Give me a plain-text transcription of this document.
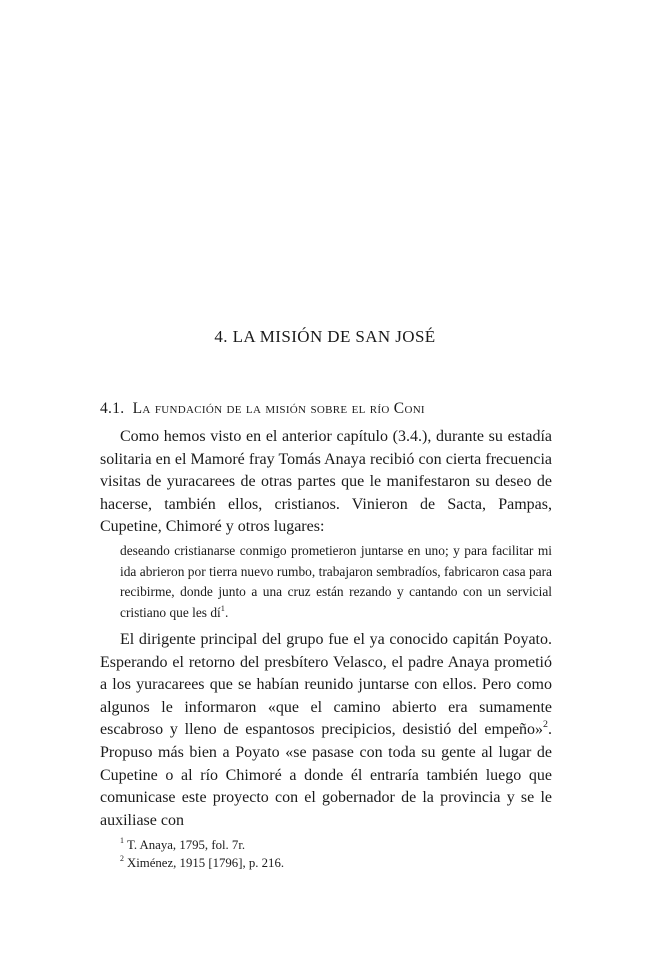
4. LA MISIÓN DE SAN JOSÉ
4.1. La fundación de la misión sobre el río Coni

Como hemos visto en el anterior capítulo (3.4.), durante su estadía solitaria en el Mamoré fray Tomás Anaya recibió con cierta frecuencia visitas de yuracarees de otras partes que le manifestaron su deseo de hacerse, también ellos, cristianos. Vinieron de Sacta, Pampas, Cupetine, Chimoré y otros lugares:

deseando cristianarse conmigo prometieron juntarse en uno; y para facilitar mi ida abrieron por tierra nuevo rumbo, trabajaron sembradíos, fabricaron casa para recibirme, donde junto a una cruz están rezando y cantando con un servicial cristiano que les $dí^1$.

El dirigente principal del grupo fue el ya conocido capitán Poyato. Esperando el retorno del presbítero Velasco, el padre Anaya prometió a los yuracarees que se habían reunido juntarse con ellos. Pero como algunos le informaron «que el camino abierto era sumamente escabroso y lleno de espantosos precipicios, desistió del empeño»$^2$. Propuso más bien a Poyato «se pasase con toda su gente al lugar de Cupetine o al río Chimoré a donde él entraría también luego que comunicase este proyecto con el gobernador de la provincia y se le auxiliase con

$^1$ T. Anaya, 1795, fol. 7r.
$^2$ Ximénez, 1915 [1796], p. 216.
